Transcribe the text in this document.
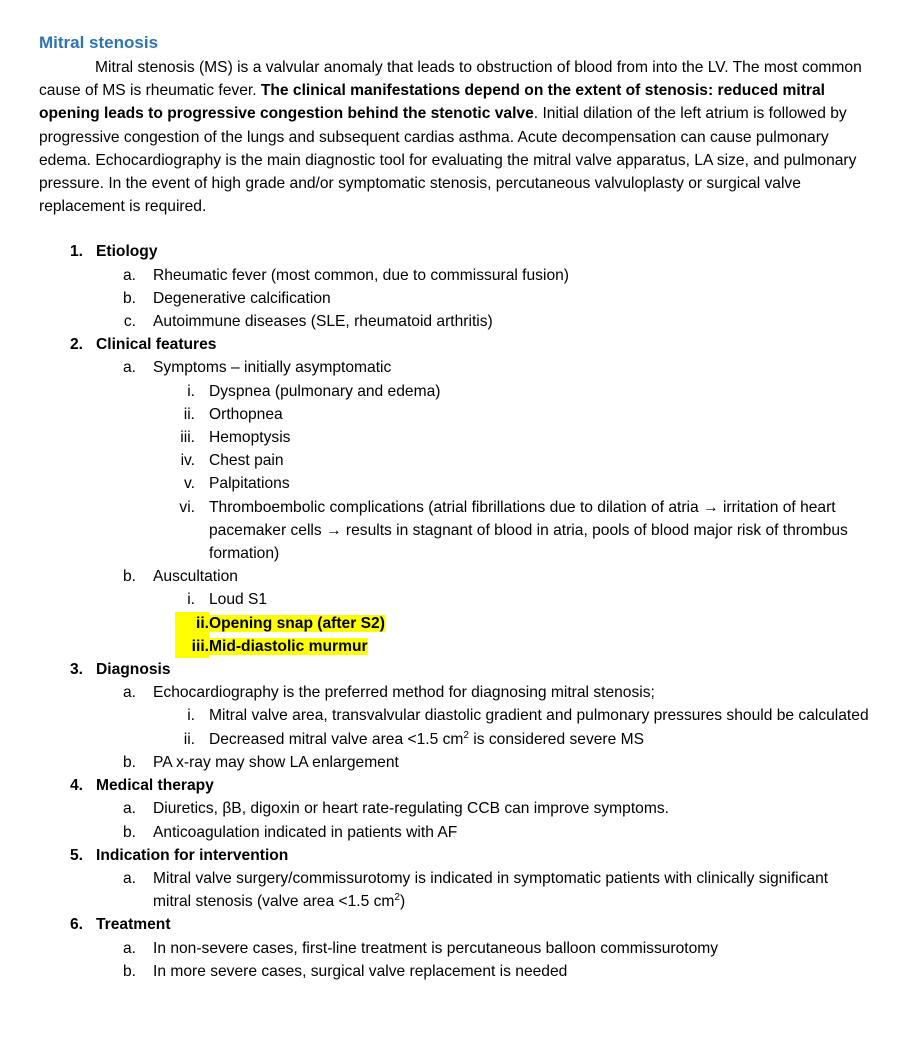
Mitral stenosis

Mitral stenosis (MS) is a valvular anomaly that leads to obstruction of blood from into the LV. The most common cause of MS is rheumatic fever. The clinical manifestations depend on the extent of stenosis: reduced mitral opening leads to progressive congestion behind the stenotic valve. Initial dilation of the left atrium is followed by progressive congestion of the lungs and subsequent cardias asthma. Acute decompensation can cause pulmonary edema. Echocardiography is the main diagnostic tool for evaluating the mitral valve apparatus, LA size, and pulmonary pressure. In the event of high grade and/or symptomatic stenosis, percutaneous valvuloplasty or surgical valve replacement is required.

1. Etiology
a. Rheumatic fever (most common, due to commissural fusion)
b. Degenerative calcification
c. Autoimmune diseases (SLE, rheumatoid arthritis)
2. Clinical features
a. Symptoms – initially asymptomatic
i. Dyspnea (pulmonary and edema)
ii. Orthopnea
iii. Hemoptysis
iv. Chest pain
v. Palpitations
vi. Thromboembolic complications (atrial fibrillations due to dilation of atria → irritation of heart pacemaker cells → results in stagnant of blood in atria, pools of blood major risk of thrombus formation)
b. Auscultation
i. Loud S1
ii. Opening snap (after S2)
iii. Mid-diastolic murmur
3. Diagnosis
a. Echocardiography is the preferred method for diagnosing mitral stenosis;
i. Mitral valve area, transvalvular diastolic gradient and pulmonary pressures should be calculated
ii. Decreased mitral valve area <1.5 $cm^2$ is considered severe MS
b. PA x-ray may show LA enlargement
4. Medical therapy
a. Diuretics, βB, digoxin or heart rate-regulating CCB can improve symptoms.
b. Anticoagulation indicated in patients with AF
5. Indication for intervention
a. Mitral valve surgery/commissurotomy is indicated in symptomatic patients with clinically significant mitral stenosis (valve area <1.5 $cm^2$)
6. Treatment
a. In non-severe cases, first-line treatment is percutaneous balloon commissurotomy
b. In more severe cases, surgical valve replacement is needed
